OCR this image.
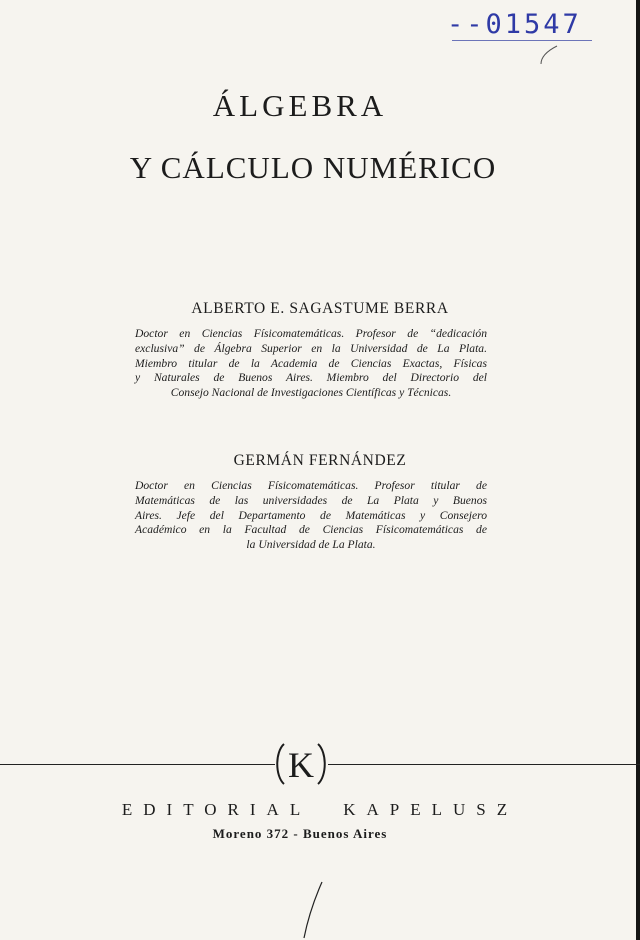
--01547
ÁLGEBRA
Y CÁLCULO NUMÉRICO
ALBERTO E. SAGASTUME BERRA
Doctor en Ciencias Físicomatemáticas. Profesor de “dedicación
exclusiva” de Álgebra Superior en la Universidad de La Plata.
Miembro titular de la Academia de Ciencias Exactas, Físicas
y Naturales de Buenos Aires. Miembro del Directorio del
Consejo Nacional de Investigaciones Científicas y Técnicas.
GERMÁN FERNÁNDEZ
Doctor en Ciencias Físicomatemáticas. Profesor titular de
Matemáticas de las universidades de La Plata y Buenos
Aires. Jefe del Departamento de Matemáticas y Consejero
Académico en la Facultad de Ciencias Físicomatemáticas de
la Universidad de La Plata.
K
EDITORIAL KAPELUSZ
Moreno 372 - Buenos Aires
